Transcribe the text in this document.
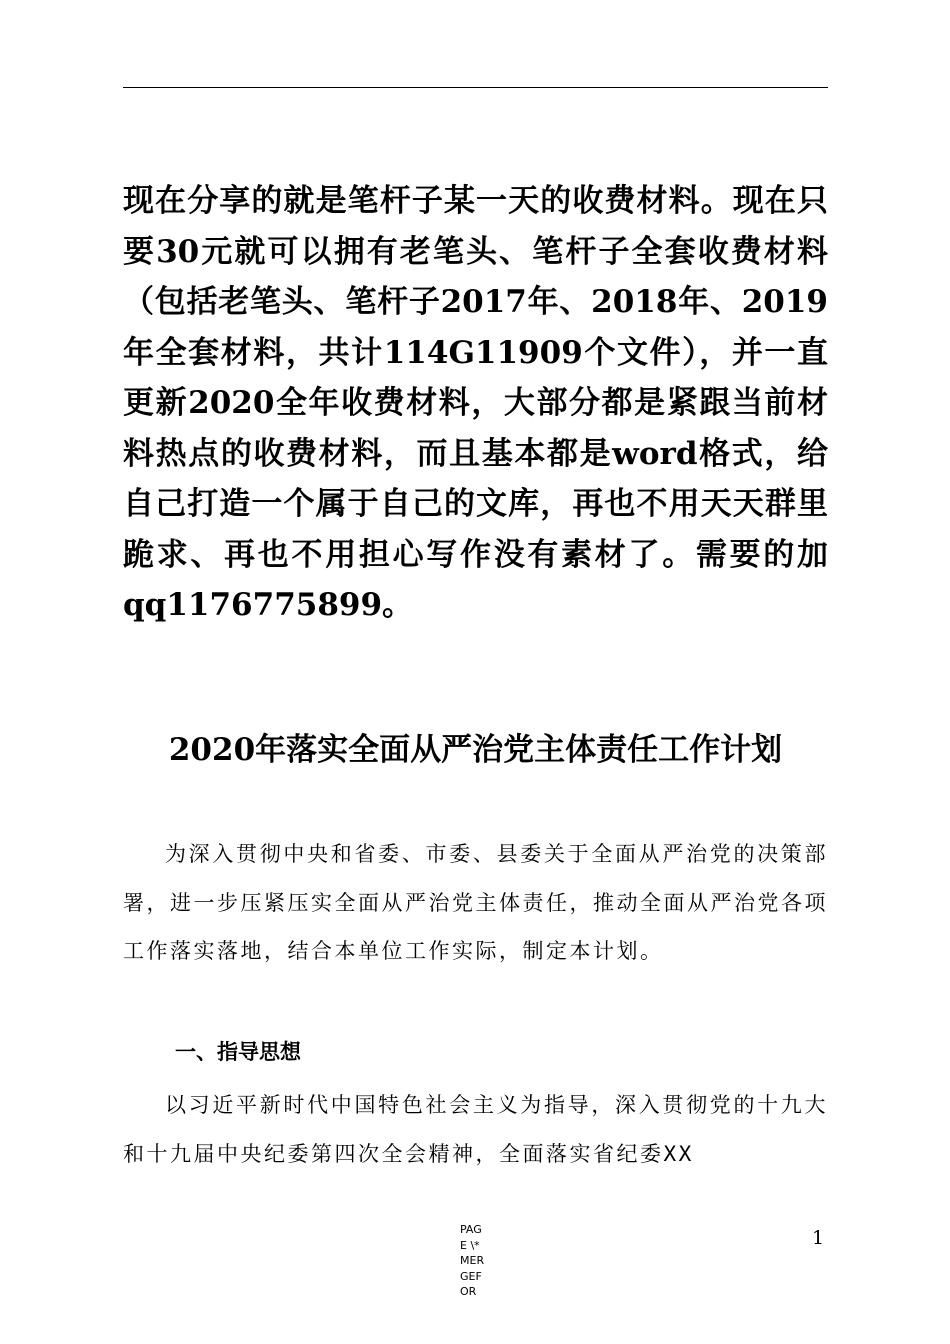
现在分享的就是笔杆子某一天的收费材料。现在只要30元就可以拥有老笔头、笔杆子全套收费材料（包括老笔头、笔杆子2017年、2018年、2019年全套材料，共计114G11909个文件），并一直更新2020全年收费材料，大部分都是紧跟当前材料热点的收费材料，而且基本都是word格式，给自己打造一个属于自己的文库，再也不用天天群里跪求、再也不用担心写作没有素材了。需要的加qq1176775899。
2020年落实全面从严治党主体责任工作计划
为深入贯彻中央和省委、市委、县委关于全面从严治党的决策部署，进一步压紧压实全面从严治党主体责任，推动全面从严治党各项工作落实落地，结合本单位工作实际，制定本计划。
一、指导思想
以习近平新时代中国特色社会主义为指导，深入贯彻党的十九大和十九届中央纪委第四次全会精神，全面落实省纪委XX
PAGE \* MERGEFOR
1
